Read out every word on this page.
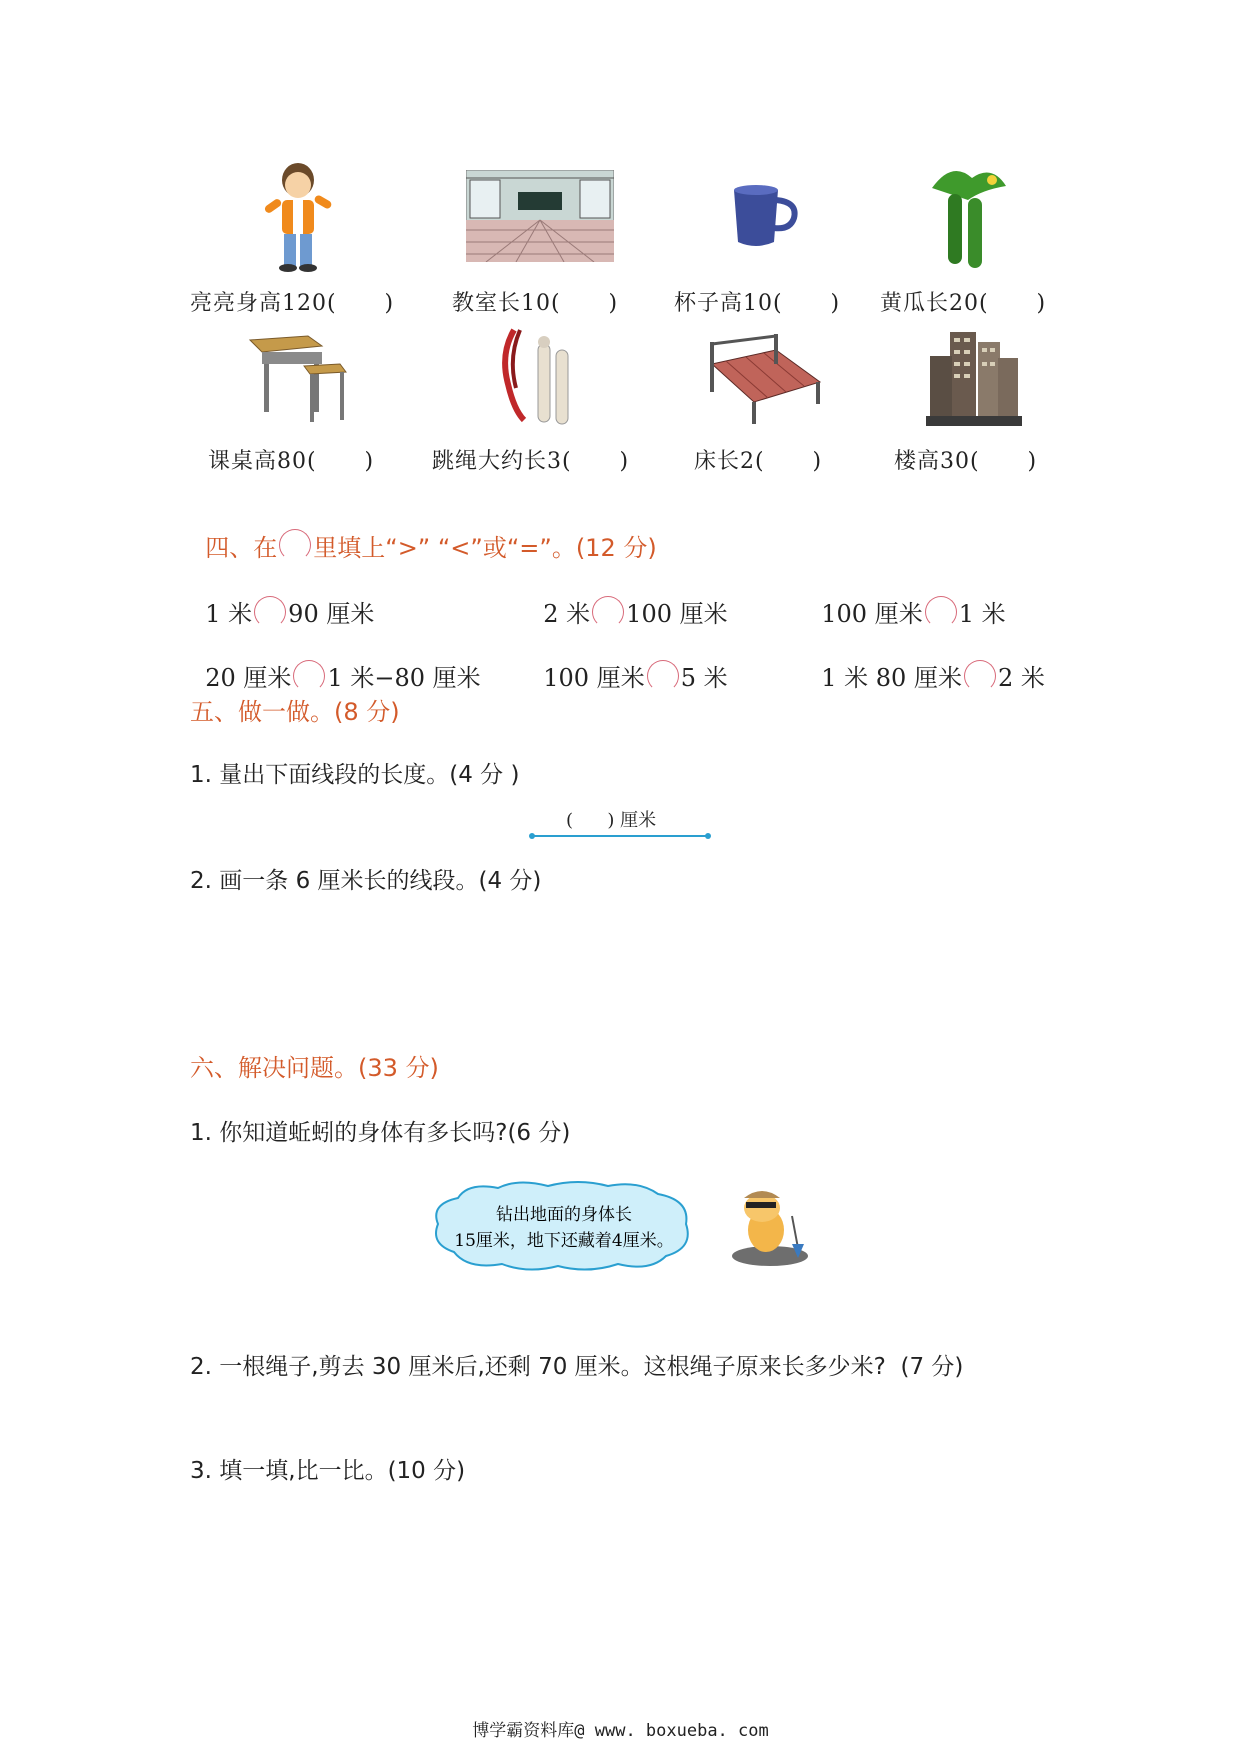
亮亮身高120(      )	教室长10(      )	杯子高10(      ) 黄瓜长20(      )
课桌高80(      )	跳绳大约长3(      )	床长2(      )	楼高30(      )

四、在 里填上“>” “<”或“=”。(12 分)

1 米 90 厘米	2 米 100 厘米	100 厘米 1 米

20 厘米 1 米−80 厘米	100 厘米 5 米	1 米 80 厘米 2 米

五、做一做。(8 分)
1. 量出下面线段的长度。(4 分 )
(      ) 厘米
2. 画一条 6 厘米长的线段。(4 分)
六、解决问题。(33 分)
1. 你知道蚯蚓的身体有多长吗?(6 分)
钻出地面的身体长
15厘米，地下还藏着4厘米。
2. 一根绳子,剪去 30 厘米后,还剩 70 厘米。这根绳子原来长多少米?  (7 分)
3. 填一填,比一比。(10 分)
博学霸资料库@ www. boxueba. com
